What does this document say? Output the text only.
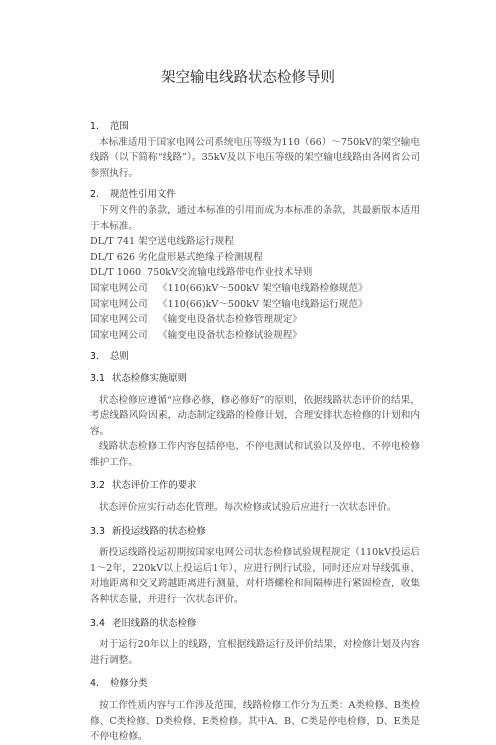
架空输电线路状态检修导则
1. 范围

本标准适用于国家电网公司系统电压等级为110（66）～750kV的架空输电线路（以下简称“线路”）。35kV及以下电压等级的架空输电线路由各网省公司参照执行。

2. 规范性引用文件

下列文件的条款，通过本标准的引用而成为本标准的条款，其最新版本适用于本标准。

DL/T 741 架空送电线路运行规程
DL/T 626 劣化盘形悬式绝缘子检测规程
DL/T 1060 750kV交流输电线路带电作业技术导则
国家电网公司 《110(66)kV～500kV 架空输电线路检修规范》
国家电网公司 《110(66)kV～500kV 架空输电线路运行规范》
国家电网公司 《输变电设备状态检修管理规定》
国家电网公司 《输变电设备状态检修试验规程》
3. 总则
3.1 状态检修实施原则

状态检修应遵循“应修必修，修必修好”的原则，依据线路状态评价的结果，考虑线路风险因素，动态制定线路的检修计划，合理安排状态检修的计划和内容。

线路状态检修工作内容包括停电、不停电测试和试验以及停电、不停电检修维护工作。

3.2 状态评价工作的要求

状态评价应实行动态化管理。每次检修或试验后应进行一次状态评价。

3.3 新投运线路的状态检修

新投运线路投运初期按国家电网公司状态检修试验规程规定（110kV投运后1～2年，220kV以上投运后1年），应进行例行试验，同时还应对导线弧垂、对地距离和交叉跨越距离进行测量，对杆塔螺栓和间隔棒进行紧固检查，收集各种状态量，并进行一次状态评价。

3.4 老旧线路的状态检修

对于运行20年以上的线路，宜根据线路运行及评价结果，对检修计划及内容进行调整。

4. 检修分类

按工作性质内容与工作涉及范围，线路检修工作分为五类：A类检修、B类检修、C类检修、D类检修、E类检修。其中A、B、C类是停电检修，D、E类是不停电检修。
